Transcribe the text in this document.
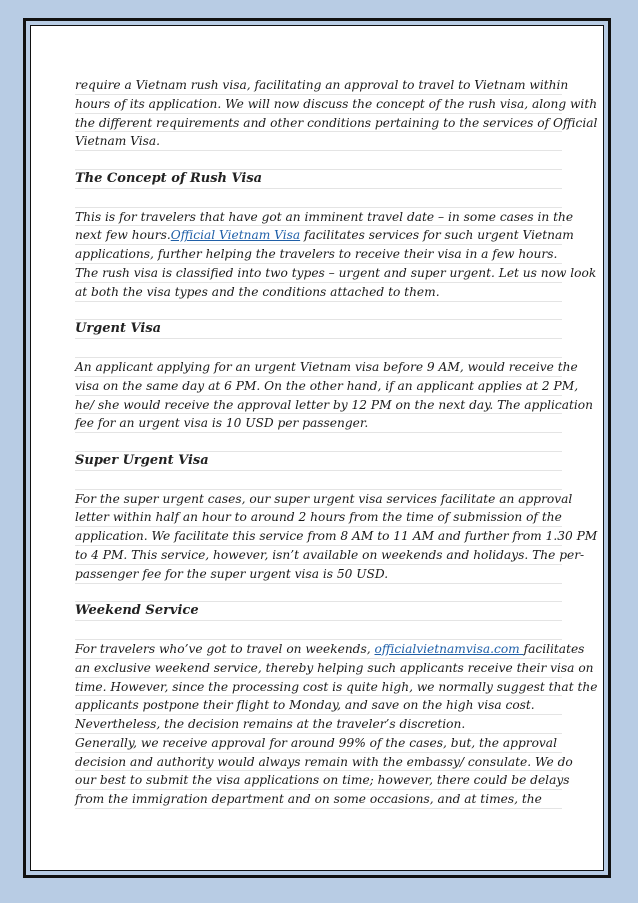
require a Vietnam rush visa, facilitating an approval to travel to Vietnam within
hours of its application. We will now discuss the concept of the rush visa, along with
the different requirements and other conditions pertaining to the services of Official
Vietnam Visa.
The Concept of Rush Visa
This is for travelers that have got an imminent travel date – in some cases in the
next few hours.Official Vietnam Visa facilitates services for such urgent Vietnam
applications, further helping the travelers to receive their visa in a few hours.
The rush visa is classified into two types – urgent and super urgent. Let us now look
at both the visa types and the conditions attached to them.
Urgent Visa
An applicant applying for an urgent Vietnam visa before 9 AM, would receive the
visa on the same day at 6 PM. On the other hand, if an applicant applies at 2 PM,
he/ she would receive the approval letter by 12 PM on the next day. The application
fee for an urgent visa is 10 USD per passenger.
Super Urgent Visa
For the super urgent cases, our super urgent visa services facilitate an approval
letter within half an hour to around 2 hours from the time of submission of the
application. We facilitate this service from 8 AM to 11 AM and further from 1.30 PM
to 4 PM. This service, however, isn’t available on weekends and holidays. The per-
passenger fee for the super urgent visa is 50 USD.
Weekend Service
For travelers who’ve got to travel on weekends, officialvietnamvisa.com facilitates
an exclusive weekend service, thereby helping such applicants receive their visa on
time. However, since the processing cost is quite high, we normally suggest that the
applicants postpone their flight to Monday, and save on the high visa cost.
Nevertheless, the decision remains at the traveler’s discretion.
Generally, we receive approval for around 99% of the cases, but, the approval
decision and authority would always remain with the embassy/ consulate. We do
our best to submit the visa applications on time; however, there could be delays
from the immigration department and on some occasions, and at times, the
